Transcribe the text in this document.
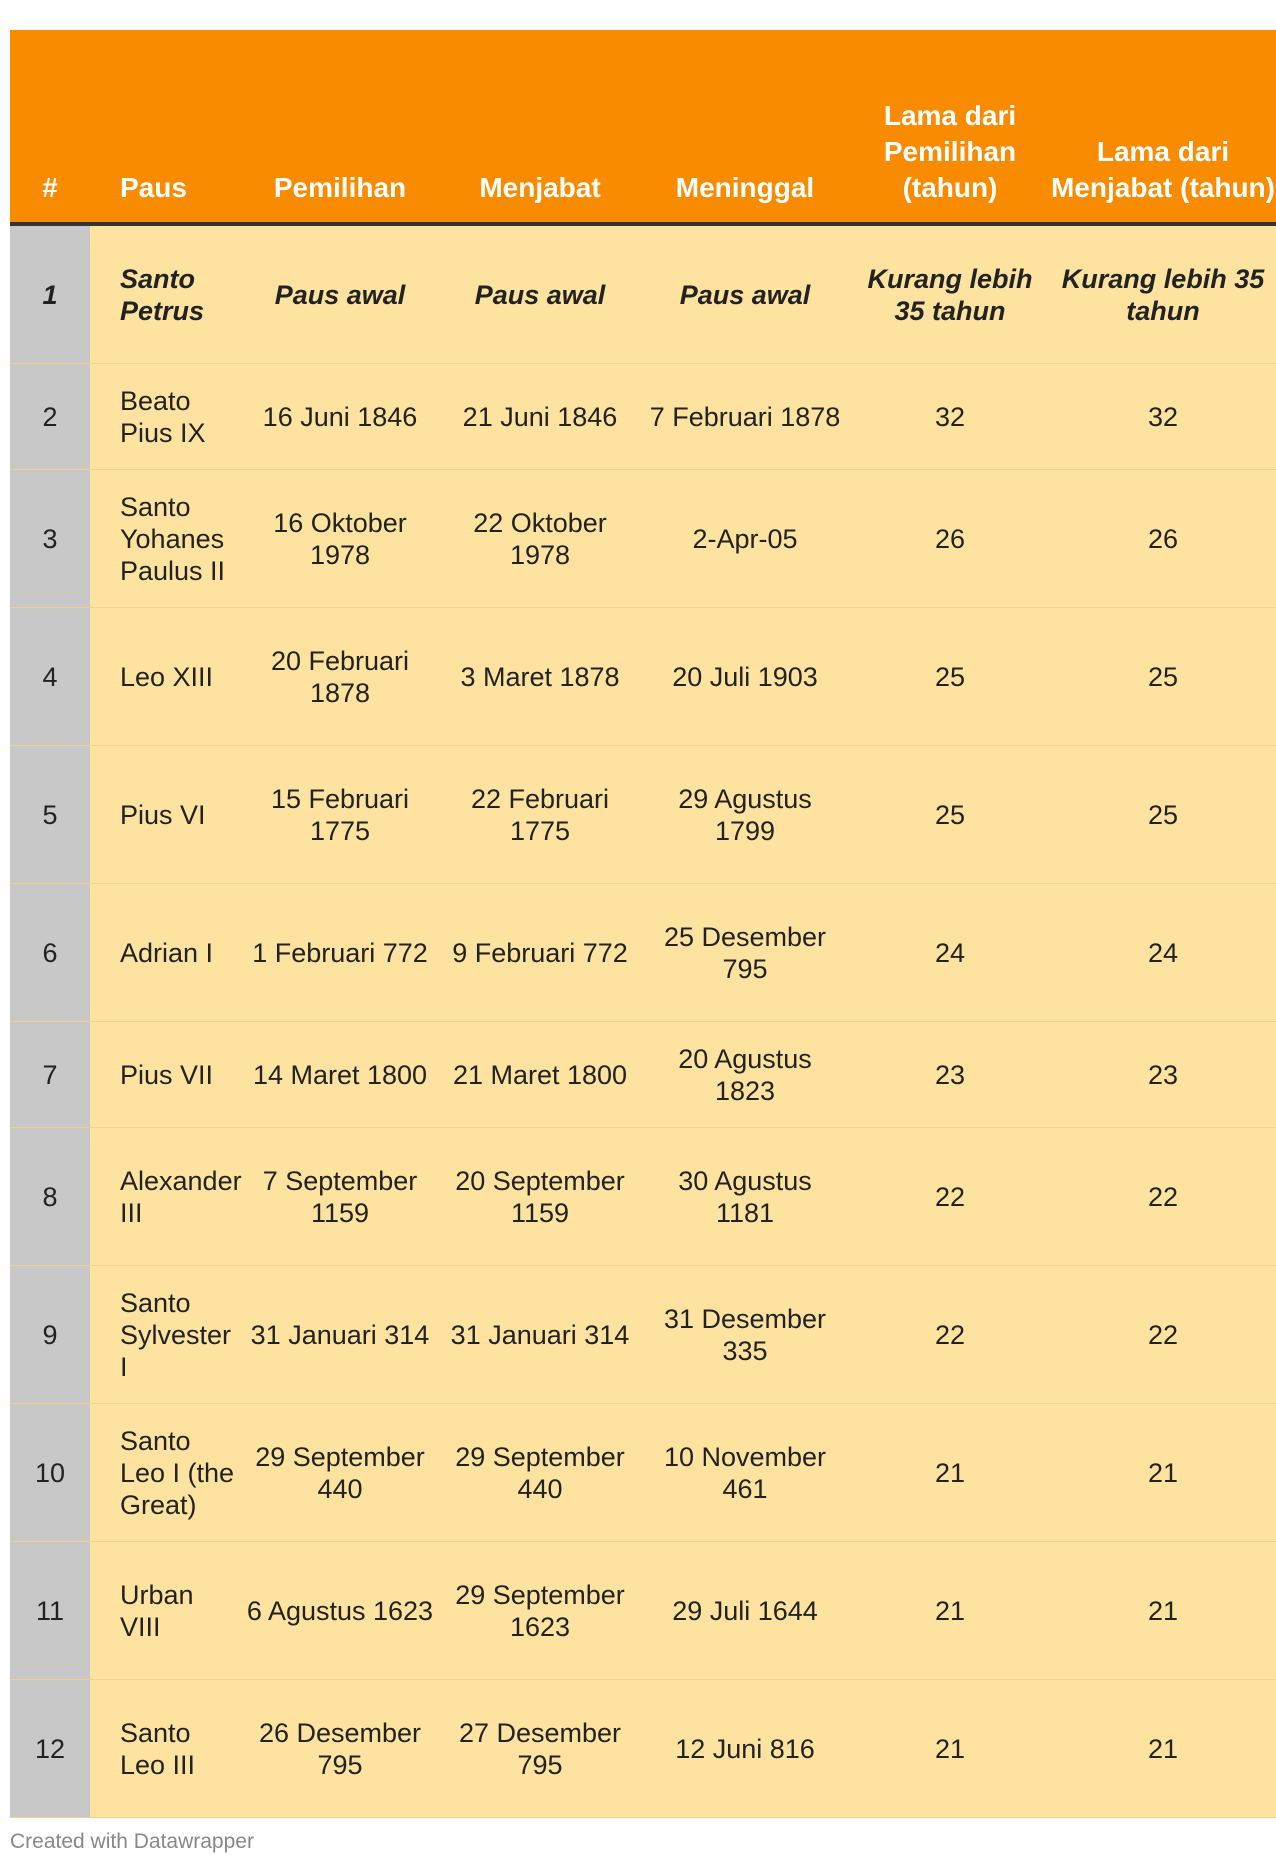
#	Paus	Pemilihan	Menjabat	Meninggal	Lama dari Pemilihan (tahun)	Lama dari Menjabat (tahun)
1	Santo Petrus	Paus awal	Paus awal	Paus awal	Kurang lebih 35 tahun	Kurang lebih 35 tahun
2	Beato Pius IX	16 Juni 1846	21 Juni 1846	7 Februari 1878	32	32
3	Santo Yohanes Paulus II	16 Oktober 1978	22 Oktober 1978	2-Apr-05	26	26
4	Leo XIII	20 Februari 1878	3 Maret 1878	20 Juli 1903	25	25
5	Pius VI	15 Februari 1775	22 Februari 1775	29 Agustus 1799	25	25
6	Adrian I	1 Februari 772	9 Februari 772	25 Desember 795	24	24
7	Pius VII	14 Maret 1800	21 Maret 1800	20 Agustus 1823	23	23
8	Alexander III	7 September 1159	20 September 1159	30 Agustus 1181	22	22
9	Santo Sylvester I	31 Januari 314	31 Januari 314	31 Desember 335	22	22
10	Santo Leo I (the Great)	29 September 440	29 September 440	10 November 461	21	21
11	Urban VIII	6 Agustus 1623	29 September 1623	29 Juli 1644	21	21
12	Santo Leo III	26 Desember 795	27 Desember 795	12 Juni 816	21	21
Created with Datawrapper
